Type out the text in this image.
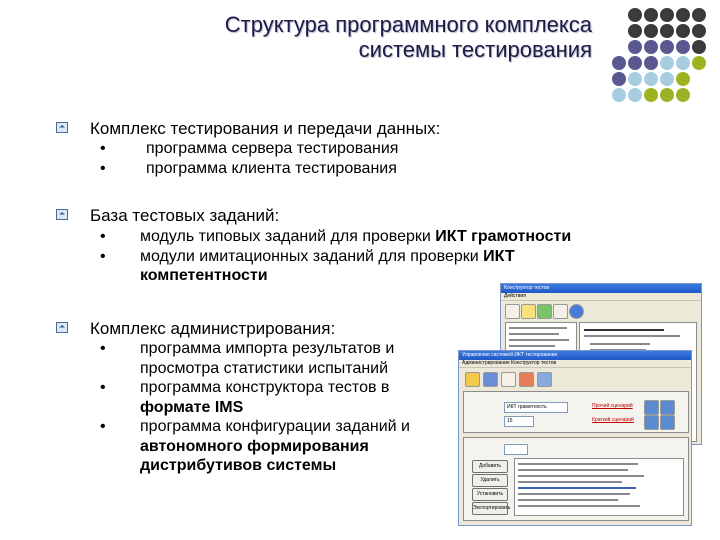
Структура программного комплекса
системы тестирования
Комплекс тестирования и передачи данных:
•	программа сервера тестирования
•	программа клиента тестирования
База тестовых заданий:
• модуль типовых заданий для проверки ИКТ грамотности
• модули имитационных заданий для проверки ИКТ
компетентности
Комплекс администрирования:
• программа импорта результатов и
просмотра статистики испытаний
• программа конструктора тестов в
формате IMS
• программа конфигурации заданий и
автономного формирования
дистрибутивов системы
Конструктор тестов
Действия
Управление системой ИКТ тестирования
Администрирование Конструктор тестов
ИКТ грамотность
15
Прочий сценарий
Краткий сценарий
Добавить
Удалить
Установить
Экспортировать
